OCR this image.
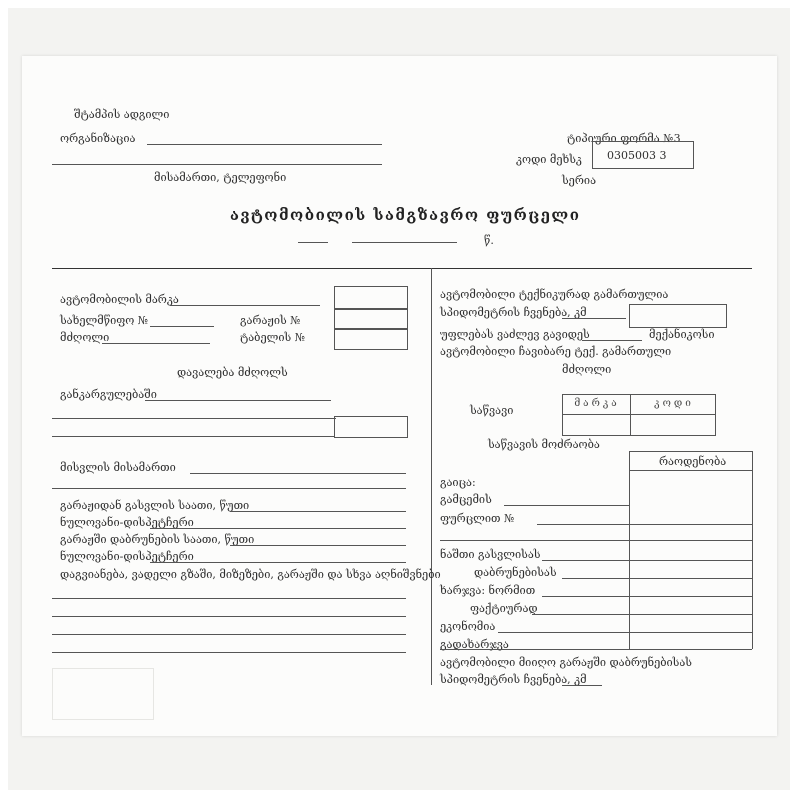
შტამპის ადგილი
ორგანიზაცია
მისამართი, ტელეფონი
ტიპიური ფორმა №3
კოდი მეხსკ 0305003 3
სერია
ავტომობილის სამგზავრო ფურცელი
წ.
ავტომობილის მარკა
სახელმწიფო №	გარაჟის №
მძღოლი	ტაბელის №
დავალება მძღოლს
განკარგულებაში
მისვლის მისამართი
გარაჟიდან გასვლის საათი, წუთი
ნულოვანი-დისპეტჩერი
გარაჟში დაბრუნების საათი, წუთი
ნულოვანი-დისპეტჩერი
დაგვიანება, ვადელი გზაში, მიზეზები, გარაჟში და სხვა აღნიშვნები
ავტომობილი ტექნიკურად გამართულია
სპიდომეტრის ჩვენება, კმ
უფლებას ვაძლევ გავიდეს	მექანიკოსი
ავტომობილი ჩავიბარე ტექ. გამართული
მძღოლი
საწვავი
მარკა	კოდი
საწვავის მოძრაობა
რაოდენობა
გაიცა:
გამცემის
ფურცლით №
ნაშთი გასვლისას
დაბრუნებისას
ხარჯვა: ნორმით
ფაქტიურად
ეკონომია
გადახარჯვა
ავტომობილი მიიღო გარაჟში დაბრუნებისას
სპიდომეტრის ჩვენება, კმ
